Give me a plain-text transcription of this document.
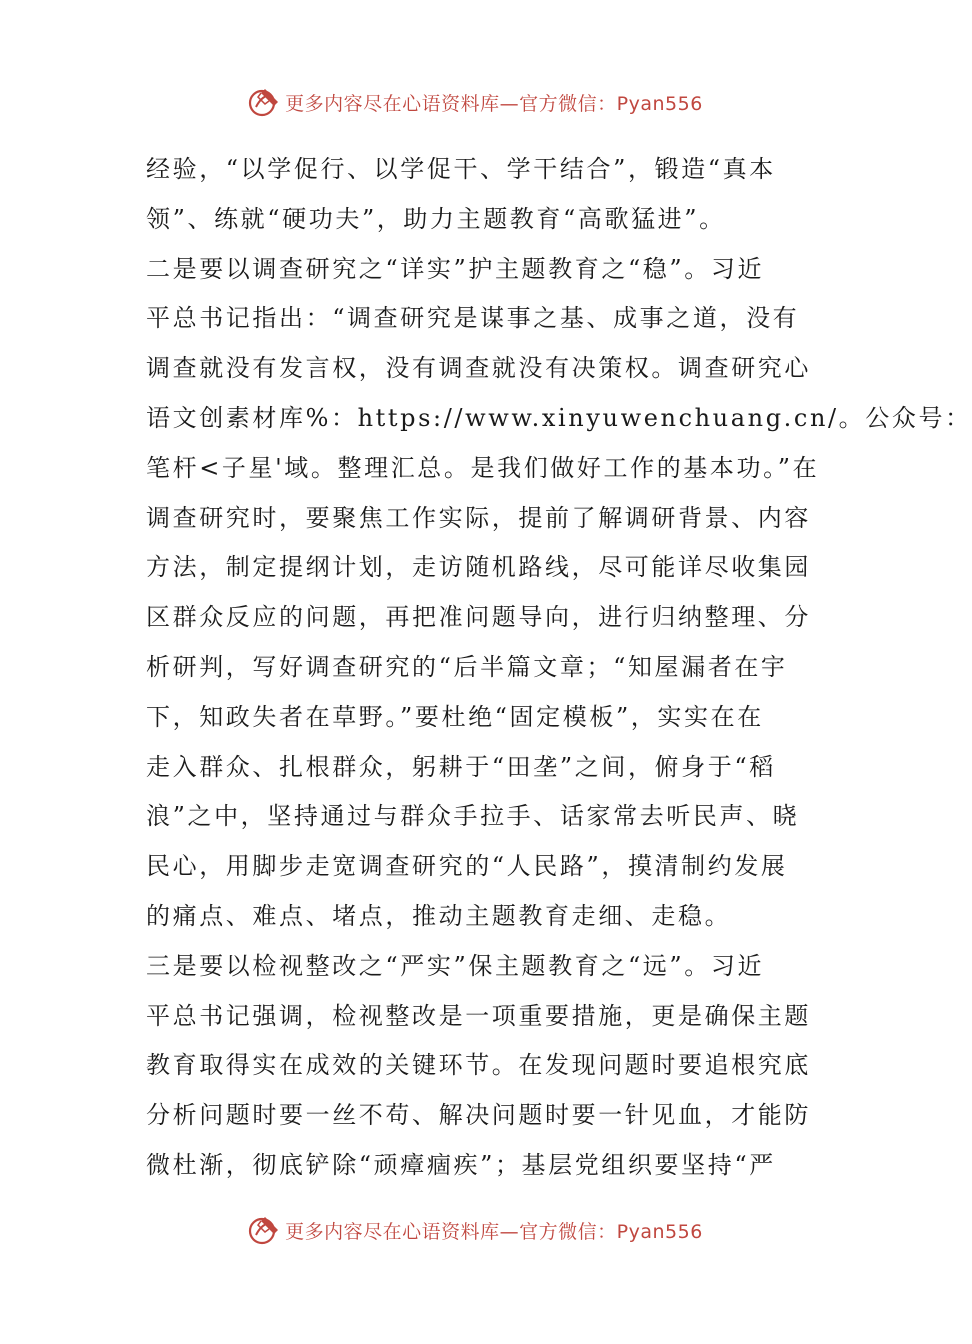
更多内容尽在心语资料库—官方微信：Pyan556
经验，“以学促行、以学促干、学干结合”，锻造“真本
领”、练就“硬功夫”，助力主题教育“高歌猛进”。
二是要以调查研究之“详实”护主题教育之“稳”。习近
平总书记指出：“调查研究是谋事之基、成事之道，没有
调查就没有发言权，没有调查就没有决策权。调查研究心
语文创素材库%：https://www.xinyuwenchuang.cn/。公众号：
笔杆<子星'域。整理汇总。是我们做好工作的基本功。”在
调查研究时，要聚焦工作实际，提前了解调研背景、内容
方法，制定提纲计划，走访随机路线，尽可能详尽收集园
区群众反应的问题，再把准问题导向，进行归纳整理、分
析研判，写好调查研究的“后半篇文章；“知屋漏者在宇
下，知政失者在草野。”要杜绝“固定模板”，实实在在
走入群众、扎根群众，躬耕于“田垄”之间，俯身于“稻
浪”之中，坚持通过与群众手拉手、话家常去听民声、晓
民心，用脚步走宽调查研究的“人民路”，摸清制约发展
的痛点、难点、堵点，推动主题教育走细、走稳。
三是要以检视整改之“严实”保主题教育之“远”。习近
平总书记强调，检视整改是一项重要措施，更是确保主题
教育取得实在成效的关键环节。在发现问题时要追根究底
分析问题时要一丝不苟、解决问题时要一针见血，才能防
微杜渐，彻底铲除“顽瘴痼疾”；基层党组织要坚持“严
更多内容尽在心语资料库—官方微信：Pyan556
